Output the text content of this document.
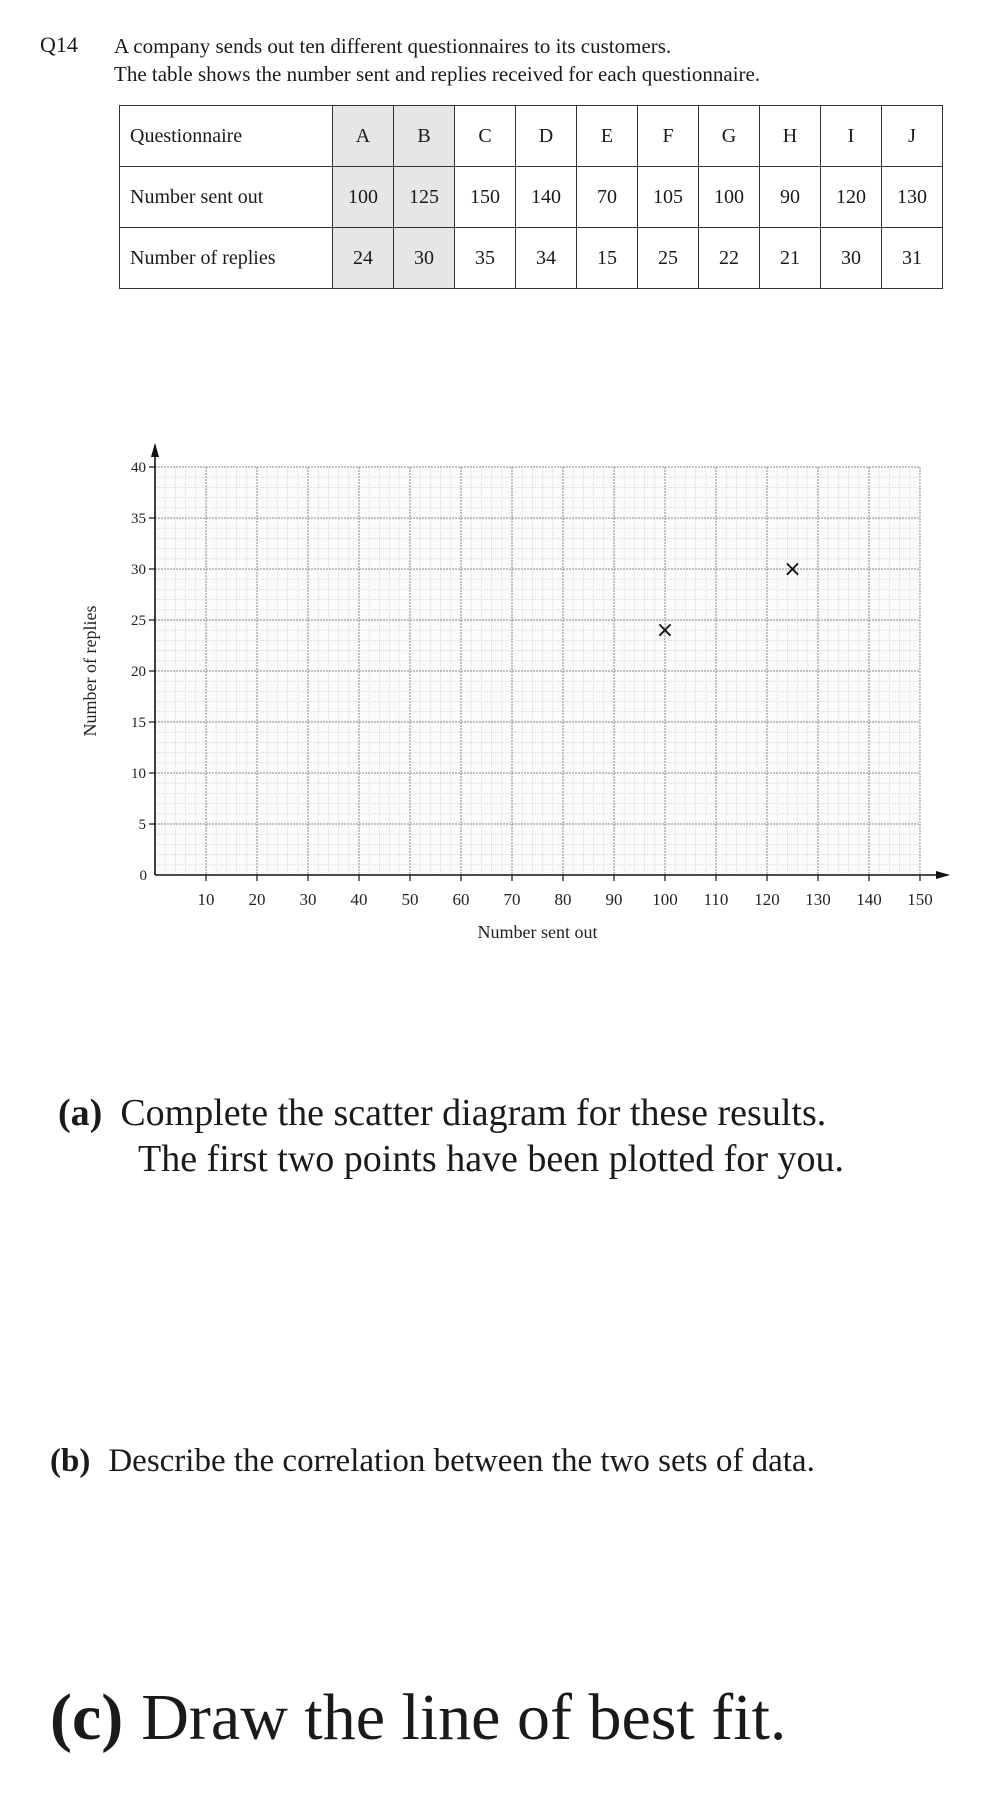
Q14 A company sends out ten different questionnaires to its customers.
The table shows the number sent and replies received for each questionnaire.
Questionnaire	A	B	C	D	E	F	G	H	I	J
Number sent out	100	125	150	140	70	105	100	90	120	130
Number of replies	24	30	35	34	15	25	22	21	30	31
10 20 30 40 50 60 70 80 90 100 110 120 130 140 150
5
10
15
20
25
30
35
40
0
Number sent out
Number of replies	×
×
(a) Complete the scatter diagram for these results.
The first two points have been plotted for you.
(b) Describe the correlation between the two sets of data.
(c) Draw the line of best fit.
